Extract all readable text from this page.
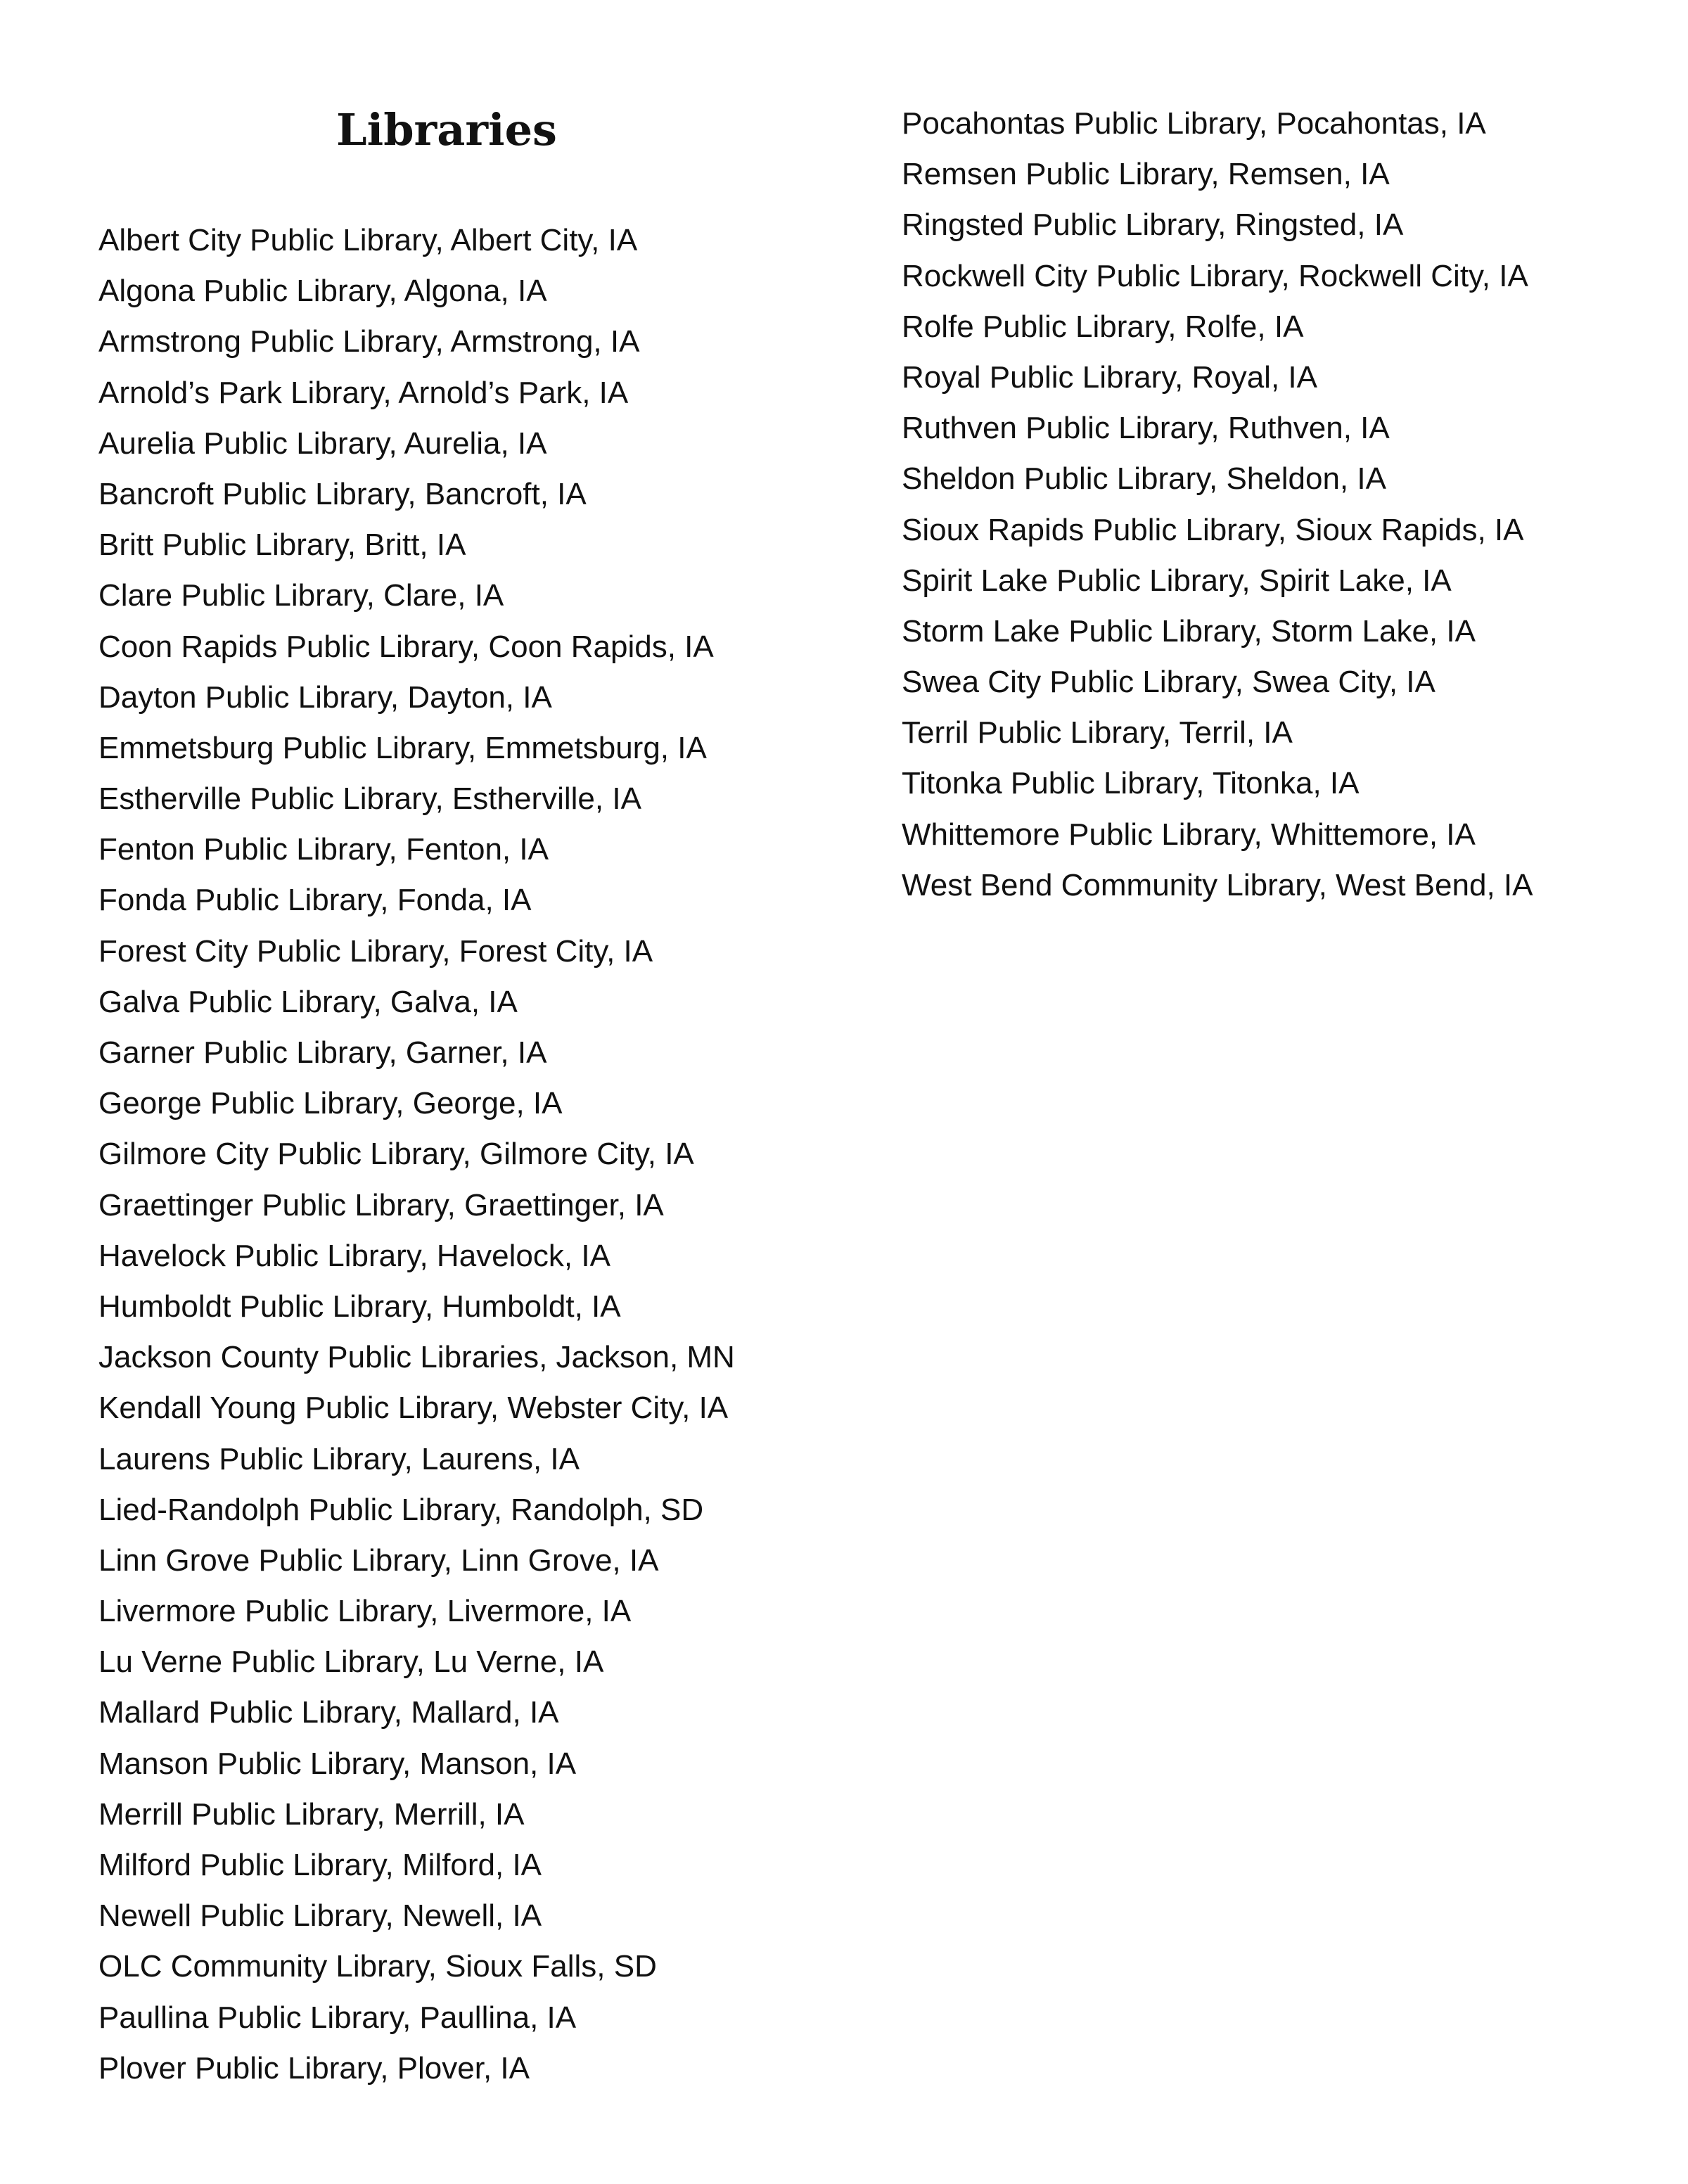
Libraries
Albert City Public Library, Albert City, IA
Algona Public Library, Algona, IA
Armstrong Public Library, Armstrong, IA
Arnold’s Park Library, Arnold’s Park, IA
Aurelia Public Library, Aurelia, IA
Bancroft Public Library, Bancroft, IA
Britt Public Library, Britt, IA
Clare Public Library, Clare, IA
Coon Rapids Public Library, Coon Rapids, IA
Dayton Public Library, Dayton, IA
Emmetsburg Public Library, Emmetsburg, IA
Estherville Public Library, Estherville, IA
Fenton Public Library, Fenton, IA
Fonda Public Library, Fonda, IA
Forest City Public Library, Forest City, IA
Galva Public Library, Galva, IA
Garner Public Library, Garner, IA
George Public Library, George, IA
Gilmore City Public Library, Gilmore City, IA
Graettinger Public Library, Graettinger, IA
Havelock Public Library, Havelock, IA
Humboldt Public Library, Humboldt, IA
Jackson County Public Libraries, Jackson, MN
Kendall Young Public Library, Webster City, IA
Laurens Public Library, Laurens, IA
Lied-Randolph Public Library, Randolph, SD
Linn Grove Public Library, Linn Grove, IA
Livermore Public Library, Livermore, IA
Lu Verne Public Library, Lu Verne, IA
Mallard Public Library, Mallard, IA
Manson Public Library, Manson, IA
Merrill Public Library, Merrill, IA
Milford Public Library, Milford, IA
Newell Public Library, Newell, IA
OLC Community Library, Sioux Falls, SD
Paullina Public Library, Paullina, IA
Plover Public Library, Plover, IA
Pocahontas Public Library, Pocahontas, IA
Remsen Public Library, Remsen, IA
Ringsted Public Library, Ringsted, IA
Rockwell City Public Library, Rockwell City, IA
Rolfe Public Library, Rolfe, IA
Royal Public Library, Royal, IA
Ruthven Public Library, Ruthven, IA
Sheldon Public Library, Sheldon, IA
Sioux Rapids Public Library, Sioux Rapids, IA
Spirit Lake Public Library, Spirit Lake, IA
Storm Lake Public Library, Storm Lake, IA
Swea City Public Library, Swea City, IA
Terril Public Library, Terril, IA
Titonka Public Library, Titonka, IA
Whittemore Public Library, Whittemore, IA
West Bend Community Library, West Bend, IA
